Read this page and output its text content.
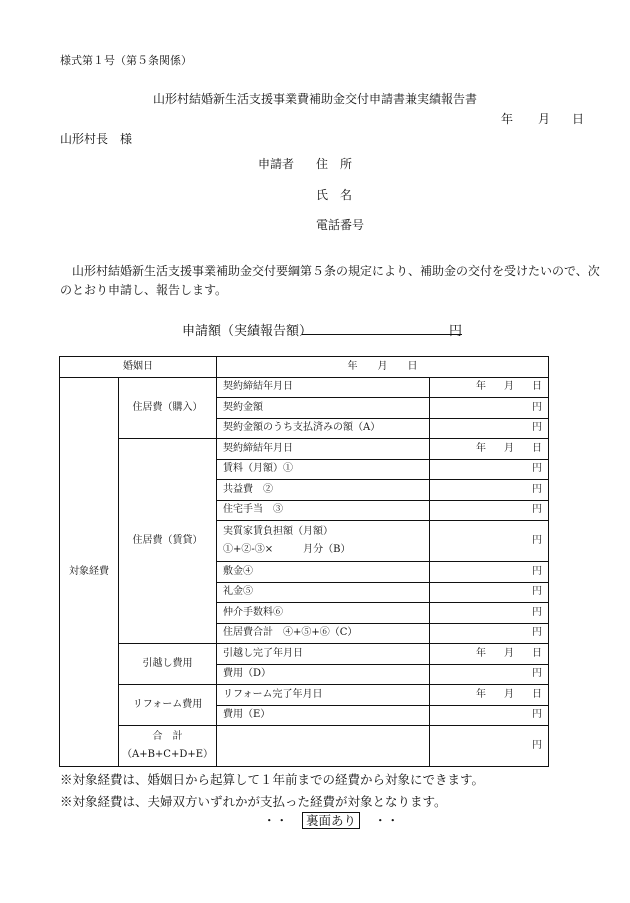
様式第１号（第５条関係）
山形村結婚新生活支援事業費補助金交付申請書兼実績報告書
年 月 日
山形村長　様
申請者 住　所
氏　名
電話番号
山形村結婚新生活支援事業補助金交付要綱第５条の規定により、補助金の交付を受けたいので、次
のとおり申請し、報告します。
申請額（実績報告額）	円
婚姻日		年　　月　　日	
対象経費	住居費（購入）	契約締結年月日	年 月 日

		契約金額	円
		契約金額のうち支払済みの額（A）	円
	住居費（賃貸）	契約締結年月日	年 月 日

		賃料（月額）①	円
		共益費　②	円
		住宅手当　③	円

		実質家賃負担額（月額）
①+②-③×　　　月分（B）	円
		敷金④	円
		礼金⑤	円
		仲介手数料⑥	円
		住居費合計　④+⑤+⑥（C）	円
	引越し費用	引越し完了年月日	年 月 日

		費用（D）	円
	リフォーム費用	リフォーム完了年月日	年 月 日

		費用（E）	円

	合　計
（A+B+C+D+E）		円
※対象経費は、婚姻日から起算して１年前までの経費から対象にできます。
※対象経費は、夫婦双方いずれかが支払った経費が対象となります。
・・ 裏面あり ・・
